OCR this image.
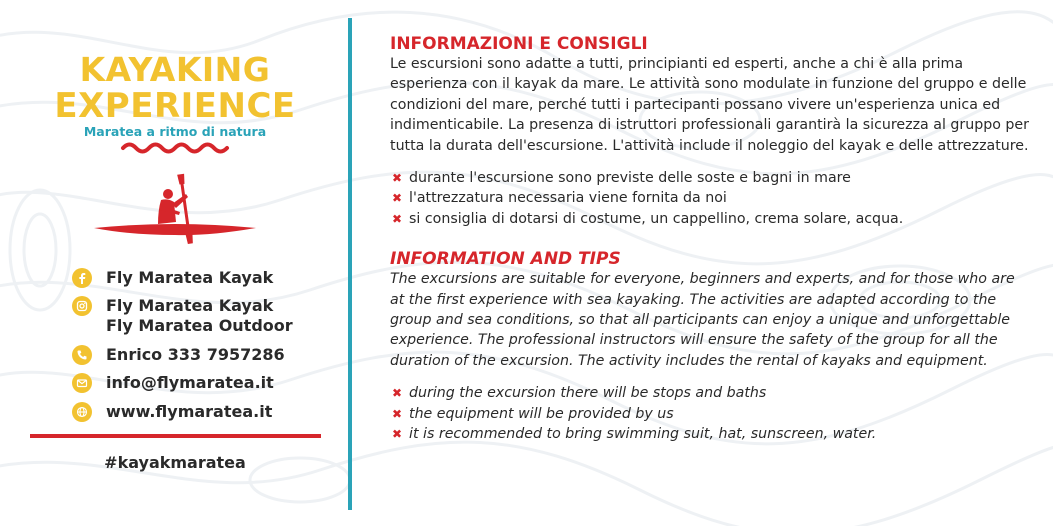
KAYAKING
EXPERIENCE
Maratea a ritmo di natura
Fly Maratea Kayak
Fly Maratea Kayak
Fly Maratea Outdoor
Enrico 333 7957286
info@flymaratea.it
www.flymaratea.it
#kayakmaratea
INFORMAZIONI E CONSIGLI

Le escursioni sono adatte a tutti, principianti ed esperti, anche a chi è alla prima esperienza con il kayak da mare. Le attività sono modulate in funzione del gruppo e delle condizioni del mare, perché tutti i partecipanti possano vivere un'esperienza unica ed indimenticabile. La presenza di istruttori professionali garantirà la sicurezza al gruppo per tutta la durata dell'escursione. L'attività include il noleggio del kayak e delle attrezzature.

✖ durante l'escursione sono previste delle soste e bagni in mare
✖ l'attrezzatura necessaria viene fornita da noi
✖ si consiglia di dotarsi di costume, un cappellino, crema solare, acqua.
INFORMATION AND TIPS

The excursions are suitable for everyone, beginners and experts, and for those who are at the first experience with sea kayaking. The activities are adapted according to the group and sea conditions, so that all participants can enjoy a unique and unforgettable experience. The professional instructors will ensure the safety of the group for all the duration of the excursion. The activity includes the rental of kayaks and equipment.

✖ during the excursion there will be stops and baths
✖ the equipment will be provided by us
✖ it is recommended to bring swimming suit, hat, sunscreen, water.
